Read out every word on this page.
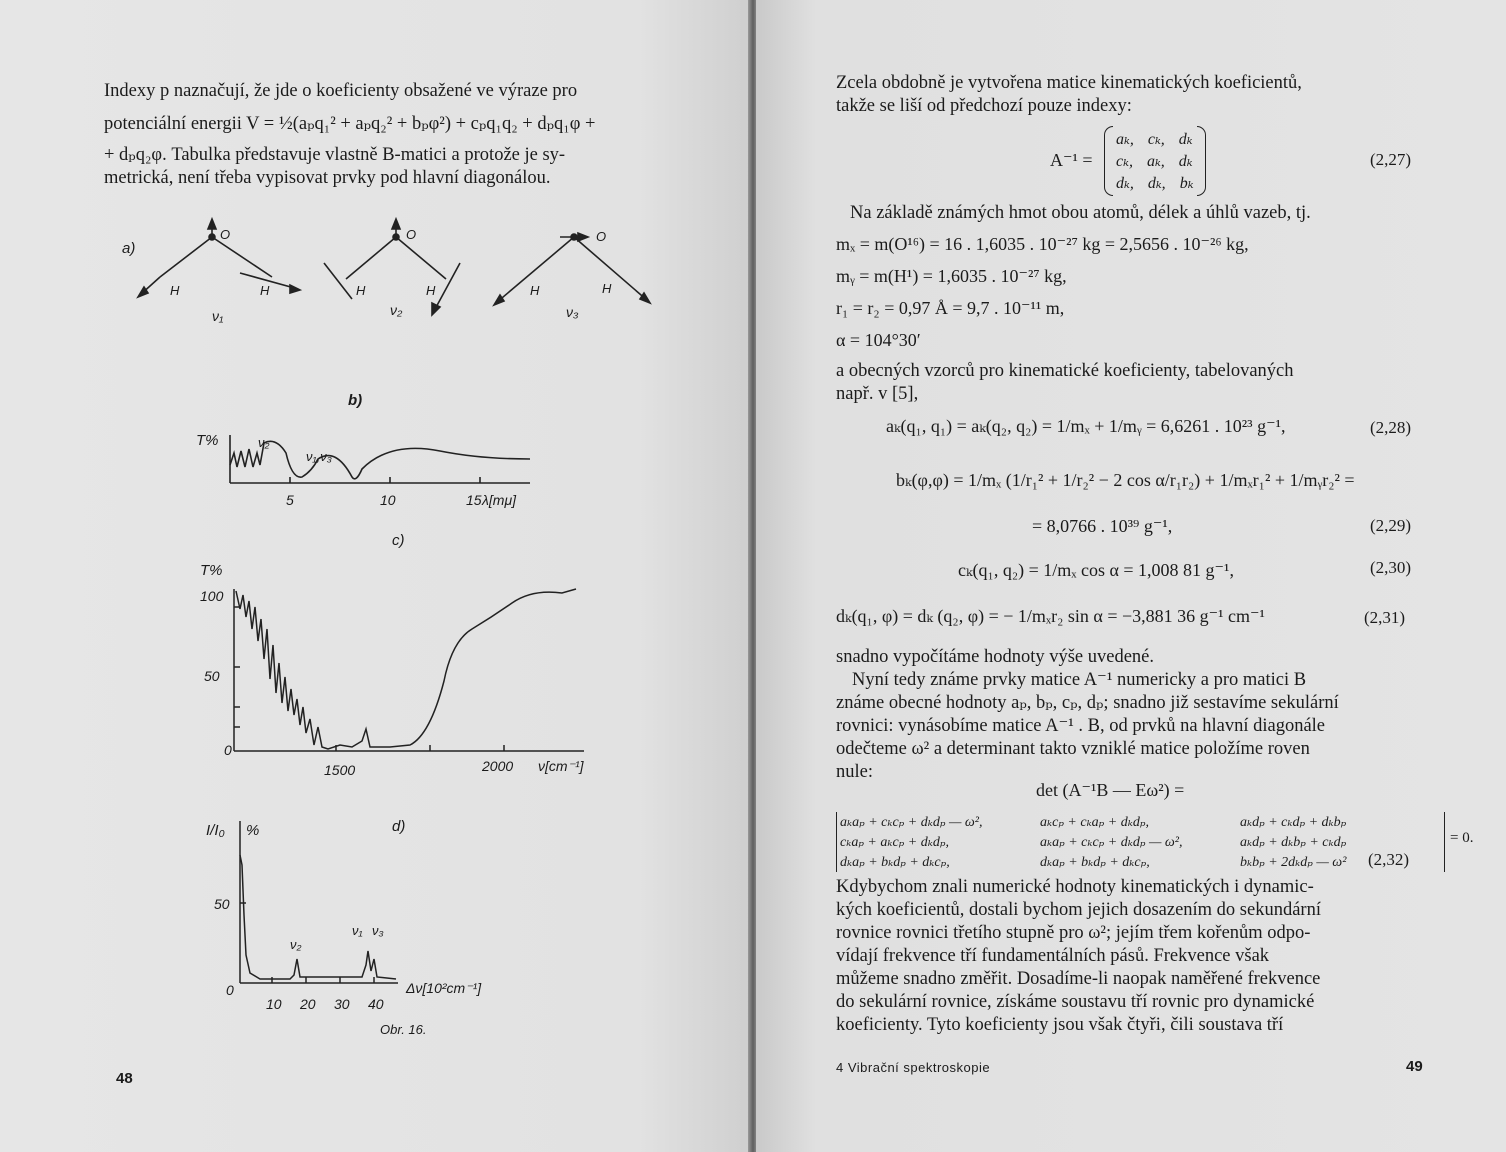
Indexy p naznačují, že jde o koeficienty obsažené ve výraze pro
potenciální energii V = ½(aₚq₁² + aₚq₂² + bₚφ²) + cₚq₁q₂ + dₚq₁φ +
+ dₚq₂φ. Tabulka představuje vlastně B-matici a protože je sy-
metrická, není třeba vypisovat prvky pod hlavní diagonálou.

a)
O
H	H
ν₁
O
H	H
ν₂
O
H	H
ν₃
b)
T%	ν₂
ν₁,ν₃
5	10	15 λ[mμ]
c)
T%
100
50
0
1500	2000 ν[cm⁻¹]
d)
I/I₀ %
50
0
ν₂
ν₁ ν₃
10 20 30 40
Δν[10²cm⁻¹]
Obr. 16.
48

Zcela obdobně je vytvořena matice kinematických koeficientů,
takže se liší od předchozí pouze indexy:

A⁻¹ =
aₖ, cₖ, dₖ
cₖ, aₖ, dₖ
dₖ, dₖ, bₖ
(2,27)

Na základě známých hmot obou atomů, délek a úhlů vazeb, tj.

mₓ = m(O¹⁶) = 16 . 1,6035 . 10⁻²⁷ kg = 2,5656 . 10⁻²⁶ kg,
mᵧ = m(H¹) = 1,6035 . 10⁻²⁷ kg,
r₁ = r₂ = 0,97 Å = 9,7 . 10⁻¹¹ m,
α = 104°30′

a obecných vzorců pro kinematické koeficienty, tabelovaných
např. v [5],

aₖ(q₁, q₁) = aₖ(q₂, q₂) = 1/mₓ + 1/mᵧ = 6,6261 . 10²³ g⁻¹,	(2,28)
bₖ(φ,φ) = 1/mₓ (1/r₁² + 1/r₂² − 2 cos α/r₁r₂) + 1/mₓr₁² + 1/mᵧr₂² =
= 8,0766 . 10³⁹ g⁻¹,	(2,29)
cₖ(q₁, q₂) = 1/mₓ cos α = 1,008 81 g⁻¹,	(2,30)
dₖ(q₁, φ) = dₖ (q₂, φ) = − 1/mₓr₂ sin α = −3,881 36 g⁻¹ cm⁻¹	(2,31)

snadno vypočítáme hodnoty výše uvedené.
Nyní tedy známe prvky matice A⁻¹ numericky a pro matici B
známe obecné hodnoty aₚ, bₚ, cₚ, dₚ; snadno již sestavíme sekulární
rovnici: vynásobíme matice A⁻¹ . B, od prvků na hlavní diagonále
odečteme ω² a determinant takto vzniklé matice položíme roven
nule:

det (A⁻¹B — Eω²) =
aₖaₚ + cₖcₚ + dₖdₚ — ω²,	aₖcₚ + cₖaₚ + dₖdₚ,	aₖdₚ + cₖdₚ + dₖbₚ
cₖaₚ + aₖcₚ + dₖdₚ,	aₖaₚ + cₖcₚ + dₖdₚ — ω²,	aₖdₚ + dₖbₚ + cₖdₚ
dₖaₚ + bₖdₚ + dₖcₚ,	dₖaₚ + bₖdₚ + dₖcₚ,	bₖbₚ + 2dₖdₚ — ω²
= 0.
(2,32)

Kdybychom znali numerické hodnoty kinematických i dynamic-
kých koeficientů, dostali bychom jejich dosazením do sekundární
rovnice rovnici třetího stupně pro ω²; jejím třem kořenům odpo-
vídají frekvence tří fundamentálních pásů. Frekvence však
můžeme snadno změřit. Dosadíme-li naopak naměřené frekvence
do sekulární rovnice, získáme soustavu tří rovnic pro dynamické
koeficienty. Tyto koeficienty jsou však čtyři, čili soustava tří

4 Vibrační spektroskopie	49
